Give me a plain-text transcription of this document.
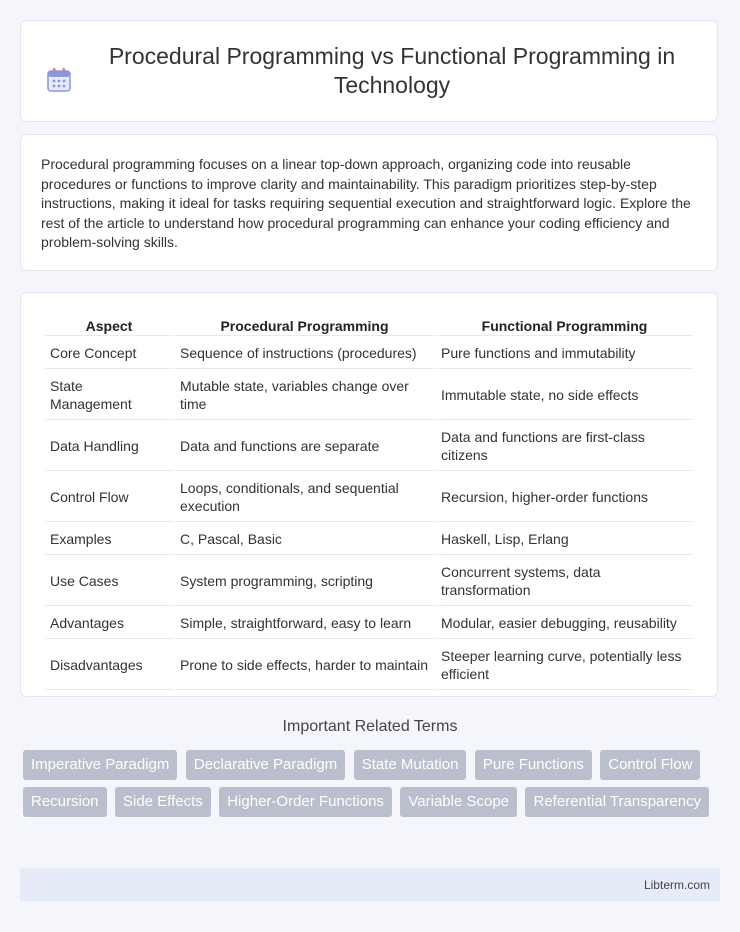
Procedural Programming vs Functional Programming in Technology

Procedural programming focuses on a linear top-down approach, organizing code into reusable procedures or functions to improve clarity and maintainability. This paradigm prioritizes step-by-step instructions, making it ideal for tasks requiring sequential execution and straightforward logic. Explore the rest of the article to understand how procedural programming can enhance your coding efficiency and problem-solving skills.

Aspect	Procedural Programming	Functional Programming
Core Concept	Sequence of instructions (procedures)	Pure functions and immutability
State Management	Mutable state, variables change over time	Immutable state, no side effects
Data Handling	Data and functions are separate	Data and functions are first-class citizens
Control Flow	Loops, conditionals, and sequential execution	Recursion, higher-order functions
Examples	C, Pascal, Basic	Haskell, Lisp, Erlang
Use Cases	System programming, scripting	Concurrent systems, data transformation
Advantages	Simple, straightforward, easy to learn	Modular, easier debugging, reusability
Disadvantages	Prone to side effects, harder to maintain	Steeper learning curve, potentially less efficient
Important Related Terms
Imperative Paradigm Declarative Paradigm State Mutation Pure Functions Control Flow Recursion Side Effects Higher-Order Functions Variable Scope Referential Transparency
Libterm.com
